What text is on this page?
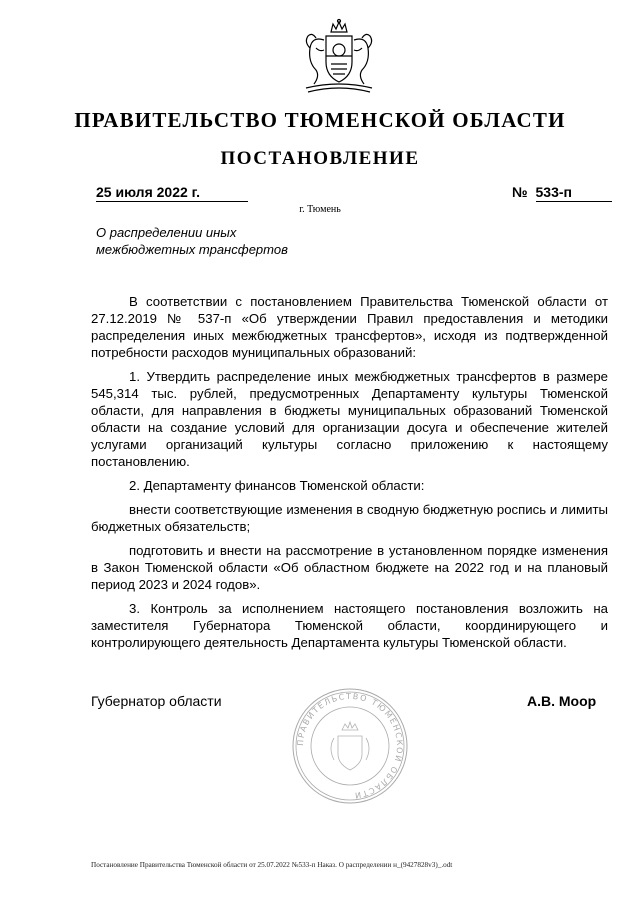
ПРАВИТЕЛЬСТВО ТЮМЕНСКОЙ ОБЛАСТИ
ПОСТАНОВЛЕНИЕ
25 июля 2022 г.	№ 533-п
г. Тюмень
О распределении иных
межбюджетных трансфертов

В соответствии с постановлением Правительства Тюменской области от 27.12.2019 № 537-п «Об утверждении Правил предоставления и методики распределения иных межбюджетных трансфертов», исходя из подтвержденной потребности расходов муниципальных образований:

1. Утвердить распределение иных межбюджетных трансфертов в размере 545,314 тыс. рублей, предусмотренных Департаменту культуры Тюменской области, для направления в бюджеты муниципальных образований Тюменской области на создание условий для организации досуга и обеспечение жителей услугами организаций культуры согласно приложению к настоящему постановлению.

2. Департаменту финансов Тюменской области:

внести соответствующие изменения в сводную бюджетную роспись и лимиты бюджетных обязательств;

подготовить и внести на рассмотрение в установленном порядке изменения в Закон Тюменской области «Об областном бюджете на 2022 год и на плановый период 2023 и 2024 годов».

3. Контроль за исполнением настоящего постановления возложить на заместителя Губернатора Тюменской области, координирующего и контролирующего деятельность Департамента культуры Тюменской области.

ПРАВИТЕЛЬСТВО ТЮМЕНСКОЙ ОБЛАСТИ
Губернатор области	А.В. Моор
Постановление Правительства Тюменской области от 25.07.2022 №533-п Наказ. О распределении н_(9427828v3)_.odt
